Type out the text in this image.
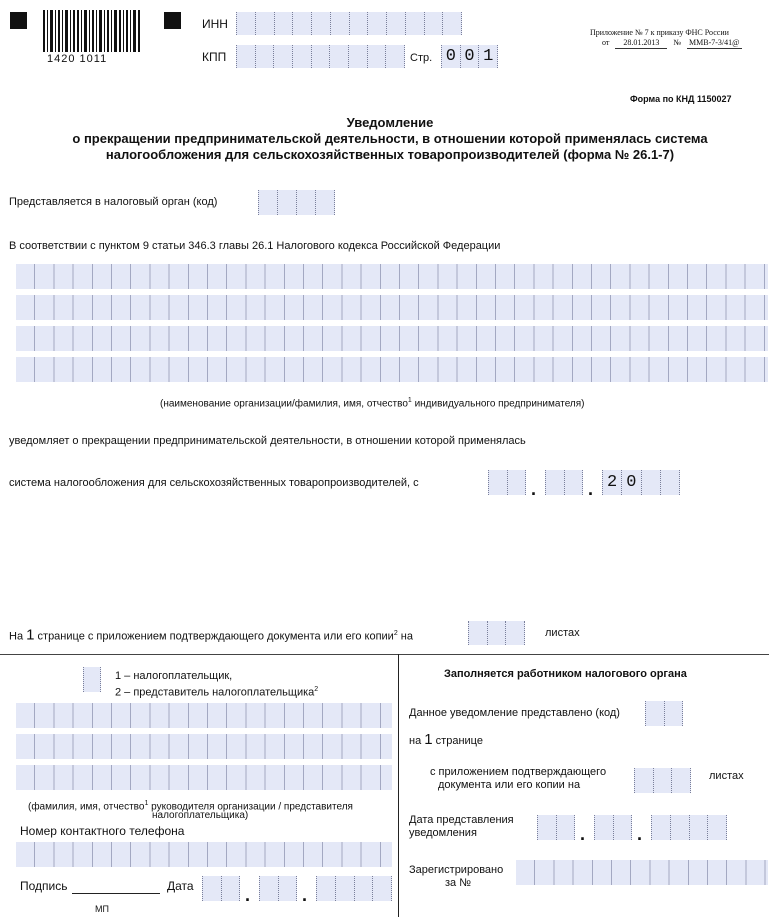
1420 1011
ИНН
КПП	Стр. 0 0 1
Приложение № 7 к приказу ФНС России
от	28.01.2013	№ ММВ-7-3/41@
Форма по КНД 1150027
Уведомление
о прекращении предпринимательской деятельности, в отношении которой применялась система
налогообложения для сельскохозяйственных товаропроизводителей (форма № 26.1-7)
Представляется в налоговый орган (код)
В соответствии с пунктом 9 статьи 346.3 главы 26.1 Налогового кодекса Российской Федерации
(наименование организации/фамилия, имя, отчество$^1$ индивидуального предпринимателя)
уведомляет о прекращении предпринимательской деятельности, в отношении которой применялась
система налогообложения для сельскохозяйственных товаропроизводителей, с	.	. 2 0
На 1 странице с приложением подтверждающего документа или его копии$^2$ на	листах
1 – налогоплательщик,
2 – представитель налогоплательщика$^2$
(фамилия, имя, отчество$^1$ руководителя организации / представителя
налогоплательщика)
Номер контактного телефона
Подпись	Дата	.	.
МП
Заполняется работником налогового органа
Данное уведомление представлено (код)
на 1 странице
с приложением подтверждающего
документа или его копии на
листах
Дата представления
уведомления	.	.
Зарегистрировано
за №
